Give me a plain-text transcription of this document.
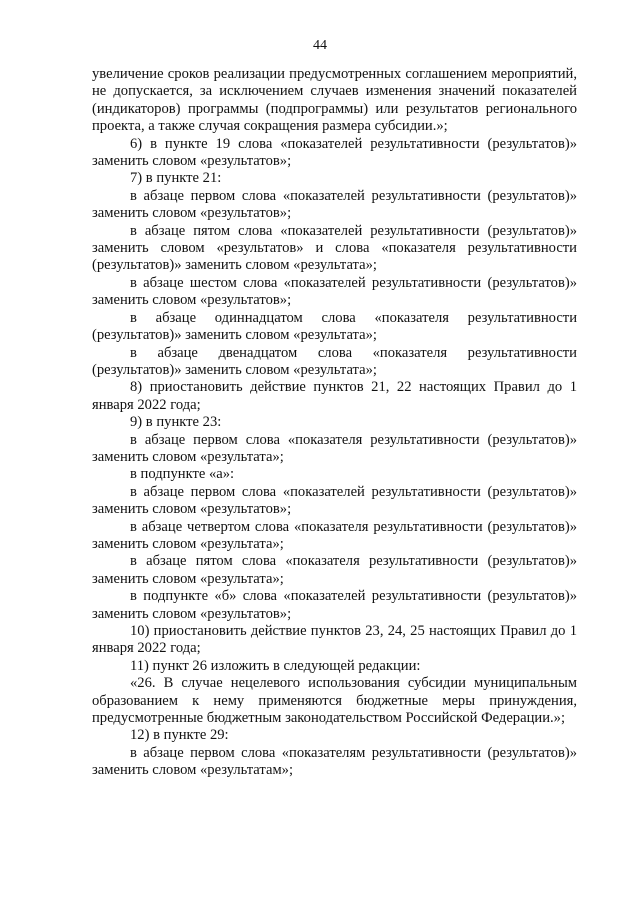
44

увеличение сроков реализации предусмотренных соглашением мероприятий, не допускается, за исключением случаев изменения значений показателей (индикаторов) программы (подпрограммы) или результатов регионального проекта, а также случая сокращения размера субсидии.»;

6) в пункте 19 слова «показателей результативности (результатов)» заменить словом «результатов»;

7) в пункте 21:

в абзаце первом слова «показателей результативности (результатов)» заменить словом «результатов»;

в абзаце пятом слова «показателей результативности (результатов)» заменить словом «результатов» и слова «показателя результативности (результатов)» заменить словом «результата»;

в абзаце шестом слова «показателей результативности (результатов)» заменить словом «результатов»;

в абзаце одиннадцатом слова «показателя результативности (результатов)» заменить словом «результата»;

в абзаце двенадцатом слова «показателя результативности (результатов)» заменить словом «результата»;

8) приостановить действие пунктов 21, 22 настоящих Правил до 1 января 2022 года;

9) в пункте 23:

в абзаце первом слова «показателя результативности (результатов)» заменить словом «результата»;

в подпункте «а»:

в абзаце первом слова «показателей результативности (результатов)» заменить словом «результатов»;

в абзаце четвертом слова «показателя результативности (результатов)» заменить словом «результата»;

в абзаце пятом слова «показателя результативности (результатов)» заменить словом «результата»;

в подпункте «б» слова «показателей результативности (результатов)» заменить словом «результатов»;

10) приостановить действие пунктов 23, 24, 25 настоящих Правил до 1 января 2022 года;

11) пункт 26 изложить в следующей редакции:

«26. В случае нецелевого использования субсидии муниципальным образованием к нему применяются бюджетные меры принуждения, предусмотренные бюджетным законодательством Российской Федерации.»;

12) в пункте 29:

в абзаце первом слова «показателям результативности (результатов)» заменить словом «результатам»;
